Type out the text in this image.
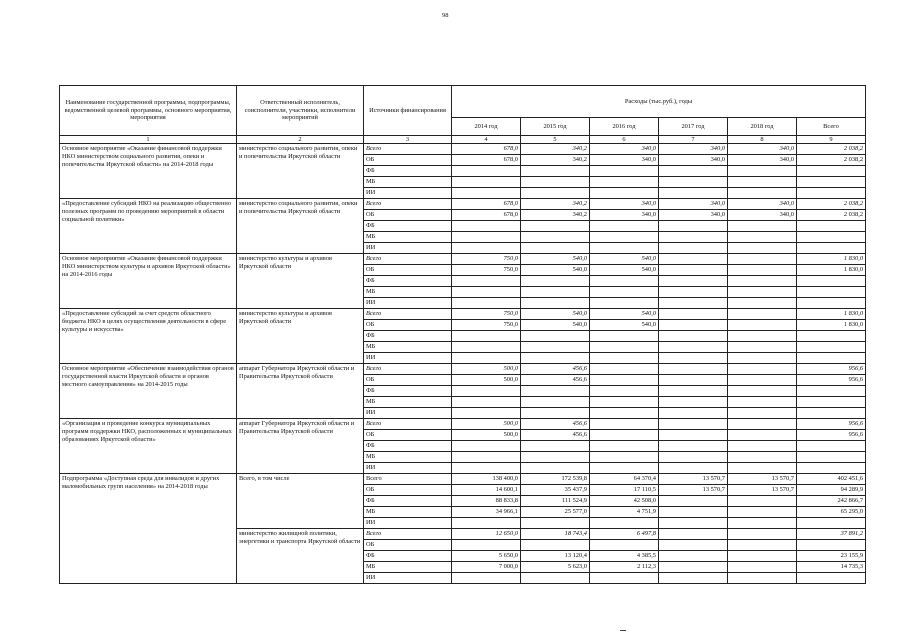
98
Наименование государственной программы, подпрограммы, ведомственной целевой программы, основного мероприятия, мероприятия	Ответственный исполнитель, соисполнители, участники, исполнители мероприятий	Источники финансирования	Расходы (тыс.руб.), годы					
			2014 год	2015 год	2016 год	2017 год	2018 год	Всего
1	2	3	4	5	6	7	8	9
Основное мероприятие «Оказание финансовой поддержки НКО министерством социального развития, опеки и попечительства Иркутской области» на 2014-2018 годы	министерство социального развития, опеки и попечительства Иркутской области	Всего	678,0	340,2	340,0	340,0	340,0	2 038,2
		ОБ	678,0	340,2	340,0	340,0	340,0	2 038,2
		ФБ						
		МБ						
		ИИ						
«Предоставление субсидий НКО на реализацию общественно полезных программ по проведению мероприятий в области социальной политики»	министерство социального развития, опеки и попечительства Иркутской области	Всего	678,0	340,2	340,0	340,0	340,0	2 038,2
		ОБ	678,0	340,2	340,0	340,0	340,0	2 038,2
		ФБ						
		МБ						
		ИИ						
Основное мероприятие «Оказание финансовой поддержки НКО министерством культуры и архивов Иркутской области» на 2014-2016 годы	министерство культуры и архивов Иркутской области	Всего	750,0	540,0	540,0			1 830,0
		ОБ	750,0	540,0	540,0			1 830,0
		ФБ						
		МБ						
		ИИ						
«Предоставление субсидий за счет средств областного бюджета НКО в целях осуществления деятельности в сфере культуры и искусства»	министерство культуры и архивов Иркутской области	Всего	750,0	540,0	540,0			1 830,0
		ОБ	750,0	540,0	540,0			1 830,0
		ФБ						
		МБ						
		ИИ						
Основное мероприятие «Обеспечение взаимодействия органов государственной власти Иркутской области и органов местного самоуправления» на 2014-2015 годы	аппарат Губернатора Иркутской области и Правительства Иркутской области	Всего	500,0	456,6				956,6
		ОБ	500,0	456,6				956,6
		ФБ						
		МБ						
		ИИ						
«Организация и проведение конкурса муниципальных программ поддержки НКО, расположенных в муниципальных образованиях Иркутской области»	аппарат Губернатора Иркутской области и Правительства Иркутской области	Всего	500,0	456,6				956,6
		ОБ	500,0	456,6				956,6
		ФБ						
		МБ						
		ИИ						
Подпрограмма «Доступная среда для инвалидов и других маломобильных групп населения» на 2014-2018 годы	Всего, в том числе	Всего	138 400,0	172 539,8	64 370,4	13 570,7	13 570,7	402 451,6
		ОБ	14 600,1	35 437,9	17 110,5	13 570,7	13 570,7	94 289,9
		ФБ	88 833,8	111 524,9	42 508,0			242 866,7
		МБ	34 966,1	25 577,0	4 751,9			65 295,0
		ИИ						
	министерство жилищной политики, энергетики и транспорта Иркутской области	Всего	12 650,0	18 743,4	6 497,8			37 891,2
		ОБ						
		ФБ	5 650,0	13 120,4	4 385,5			23 155,9
		МБ	7 000,0	5 623,0	2 112,3			14 735,3
		ИИ						
